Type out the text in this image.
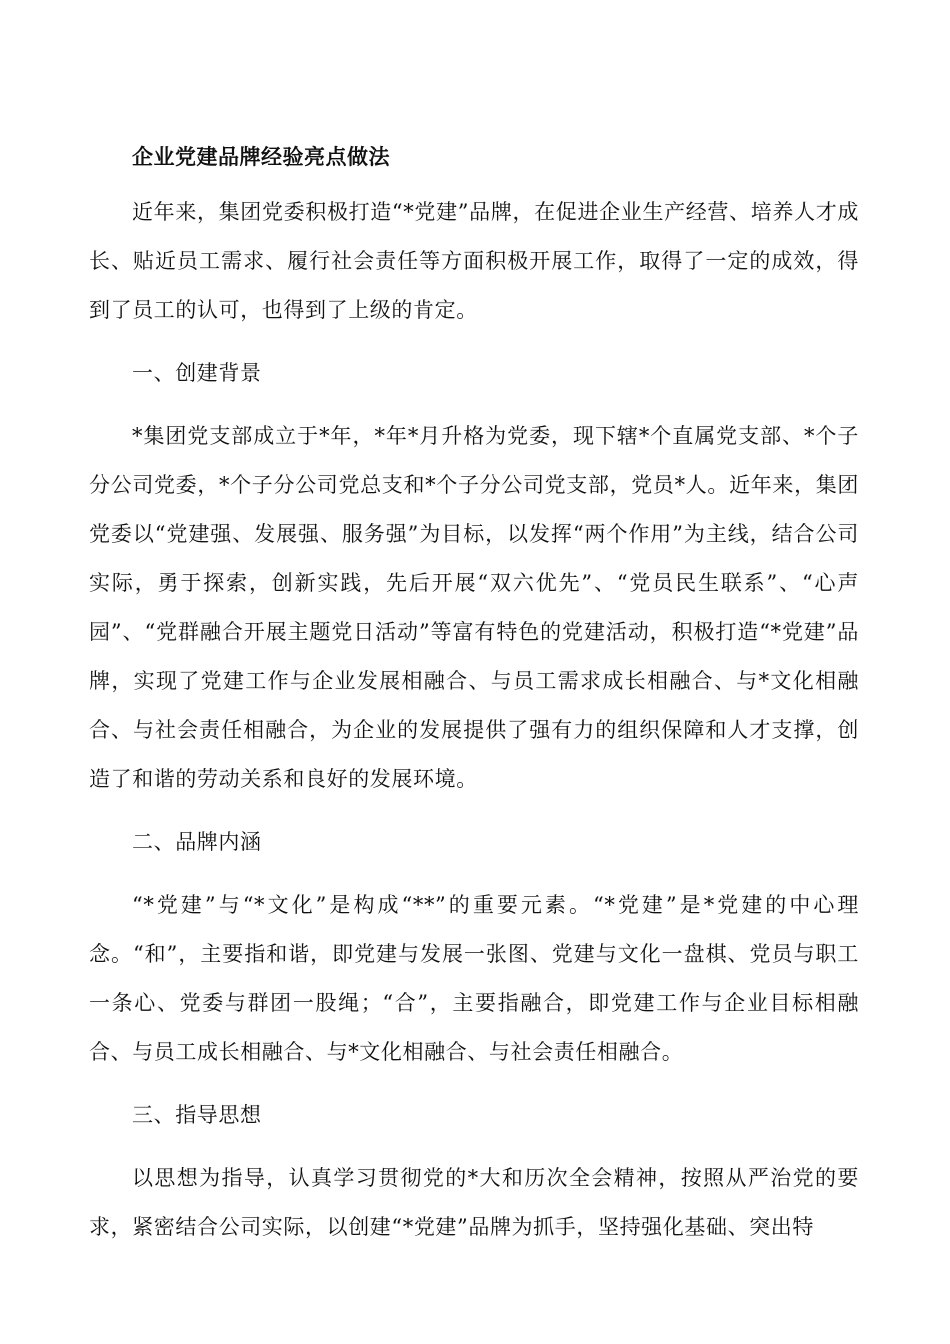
企业党建品牌经验亮点做法

近年来，集团党委积极打造“*党建”品牌，在促进企业生产经营、培养人才成长、贴近员工需求、履行社会责任等方面积极开展工作，取得了一定的成效，得到了员工的认可，也得到了上级的肯定。

一、创建背景

*集团党支部成立于*年，*年*月升格为党委，现下辖*个直属党支部、*个子分公司党委，*个子分公司党总支和*个子分公司党支部，党员*人。近年来，集团党委以“党建强、发展强、服务强”为目标，以发挥“两个作用”为主线，结合公司实际，勇于探索，创新实践，先后开展“双六优先”、“党员民生联系”、“心声园”、“党群融合开展主题党日活动”等富有特色的党建活动，积极打造“*党建”品牌，实现了党建工作与企业发展相融合、与员工需求成长相融合、与*文化相融合、与社会责任相融合，为企业的发展提供了强有力的组织保障和人才支撑，创造了和谐的劳动关系和良好的发展环境。

二、品牌内涵

“*党建”与“*文化”是构成“**”的重要元素。“*党建”是*党建的中心理念。“和”，主要指和谐，即党建与发展一张图、党建与文化一盘棋、党员与职工一条心、党委与群团一股绳；“合”，主要指融合，即党建工作与企业目标相融合、与员工成长相融合、与*文化相融合、与社会责任相融合。

三、指导思想

以思想为指导，认真学习贯彻党的*大和历次全会精神，按照从严治党的要求，紧密结合公司实际，以创建“*党建”品牌为抓手，坚持强化基础、突出特
